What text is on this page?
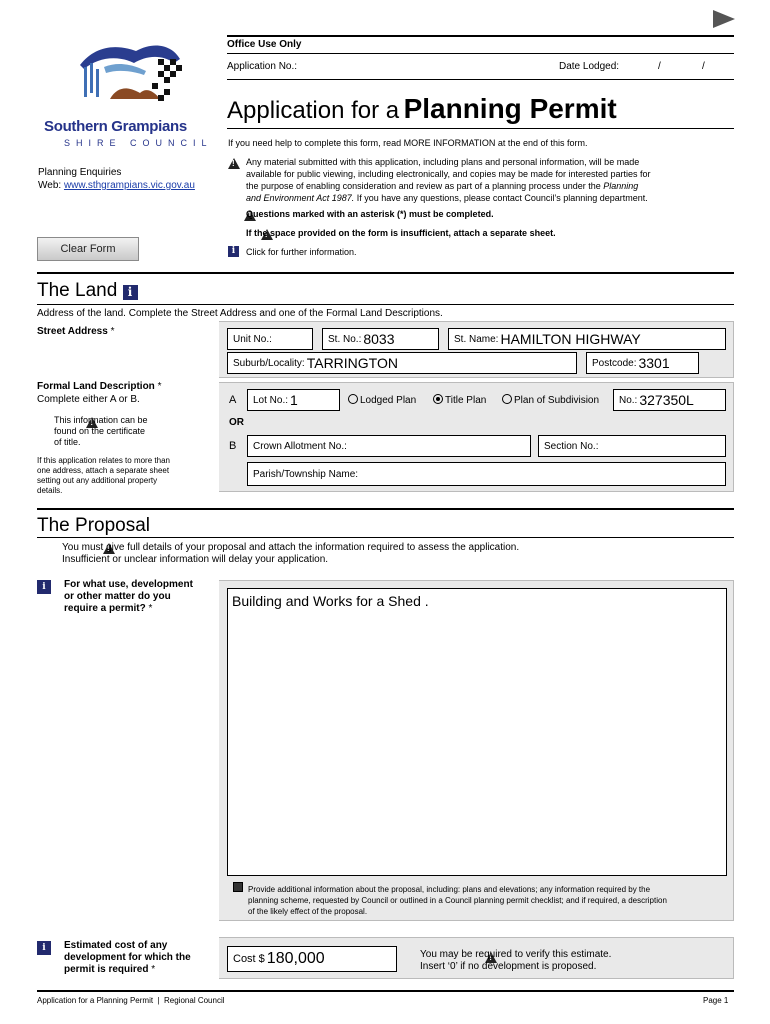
Southern Grampians
SHIRE COUNCIL
Planning Enquiries
Web: www.sthgrampians.vic.gov.au
Clear Form
Office Use Only
Application No.:	Date Lodged:	/	/
Application for a Planning Permit
If you need help to complete this form, read MORE INFORMATION at the end of this form.
!
Any material submitted with this application, including plans and personal information, will be made
available for public viewing, including electronically, and copies may be made for interested parties for
the purpose of enabling consideration and review as part of a planning process under the Planning
and Environment Act 1987. If you have any questions, please contact Council’s planning department.
!
Questions marked with an asterisk (*) must be completed.
!
If the space provided on the form is insufficient, attach a separate sheet.
i	Click for further information.
The Land i
Address of the land. Complete the Street Address and one of the Formal Land Descriptions.
Street Address *
Unit No.:	St. No.: 8033	St. Name: HAMILTON HIGHWAY
Suburb/Locality: TARRINGTON	Postcode: 3301
Formal Land Description *
Complete either A or B.
!
This information can be
found on the certificate
of title.
If this application relates to more than
one address, attach a separate sheet
setting out any additional property
details.
A Lot No.: 1	Lodged Plan	Title Plan	Plan of Subdivision No.: 327350L
OR
B Crown Allotment No.:	Section No.:
Parish/Township Name:
The Proposal
!
You must give full details of your proposal and attach the information required to assess the application.
Insufficient or unclear information will delay your application.
i	For what use, development
or other matter do you
require a permit? *	Building and Works for a Shed .
Provide additional information about the proposal, including: plans and elevations; any information required by the
planning scheme, requested by Council or outlined in a Council planning permit checklist; and if required, a description
of the likely effect of the proposal.
i	Estimated cost of any
development for which the
permit is required *
Cost $ 180,000
!	You may be required to verify this estimate.
Insert ‘0’ if no development is proposed.
Application for a Planning Permit  |  Regional Council	Page 1
